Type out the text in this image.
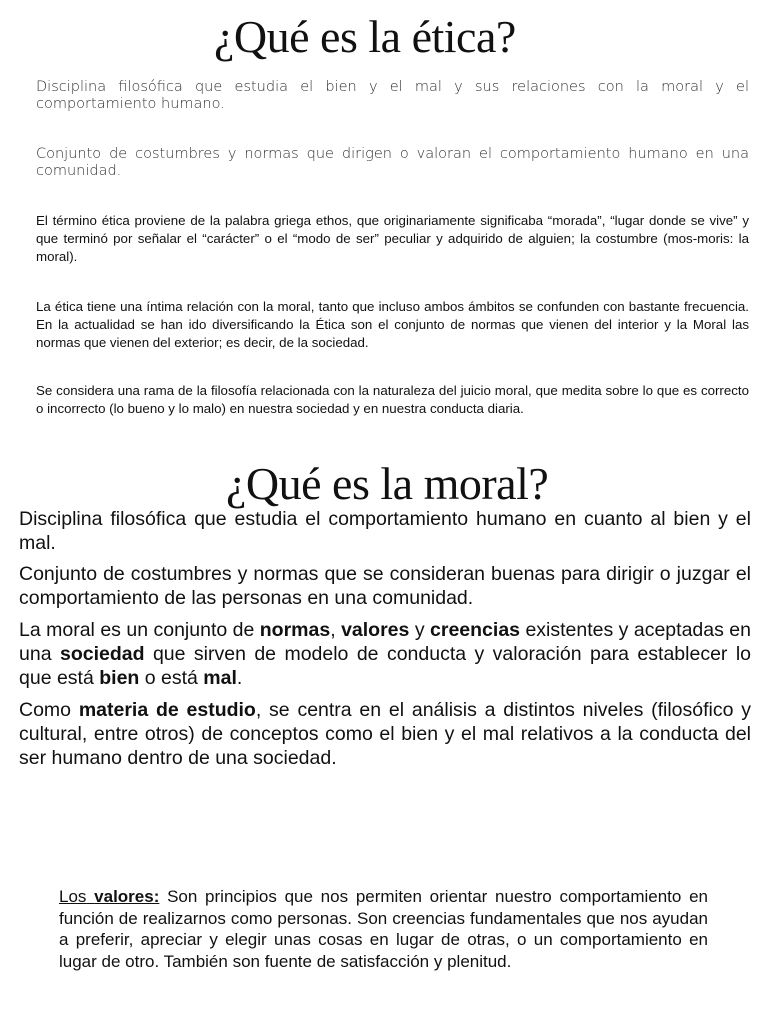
¿Qué es la ética?

Disciplina filosófica que estudia el bien y el mal y sus relaciones con la moral y el comportamiento humano.

Conjunto de costumbres y normas que dirigen o valoran el comportamiento humano en una comunidad.

El término ética proviene de la palabra griega ethos, que originariamente significaba “morada”, “lugar donde se vive” y que terminó por señalar el “carácter” o el “modo de ser” peculiar y adquirido de alguien; la costumbre (mos-moris: la moral).

La ética tiene una íntima relación con la moral, tanto que incluso ambos ámbitos se confunden con bastante frecuencia. En la actualidad se han ido diversificando la Ética son el conjunto de normas que vienen del interior y la Moral las normas que vienen del exterior; es decir, de la sociedad.

Se considera una rama de la filosofía relacionada con la naturaleza del juicio moral, que medita sobre lo que es correcto o incorrecto (lo bueno y lo malo) en nuestra sociedad y en nuestra conducta diaria.

¿Qué es la moral?

Disciplina filosófica que estudia el comportamiento humano en cuanto al bien y el mal.

Conjunto de costumbres y normas que se consideran buenas para dirigir o juzgar el comportamiento de las personas en una comunidad.

La moral es un conjunto de normas, valores y creencias existentes y aceptadas en una sociedad que sirven de modelo de conducta y valoración para establecer lo que está bien o está mal.

Como materia de estudio, se centra en el análisis a distintos niveles (filosófico y cultural, entre otros) de conceptos como el bien y el mal relativos a la conducta del ser humano dentro de una sociedad.

Los valores: Son principios que nos permiten orientar nuestro comportamiento en función de realizarnos como personas. Son creencias fundamentales que nos ayudan a preferir, apreciar y elegir unas cosas en lugar de otras, o un comportamiento en lugar de otro. También son fuente de satisfacción y plenitud.
